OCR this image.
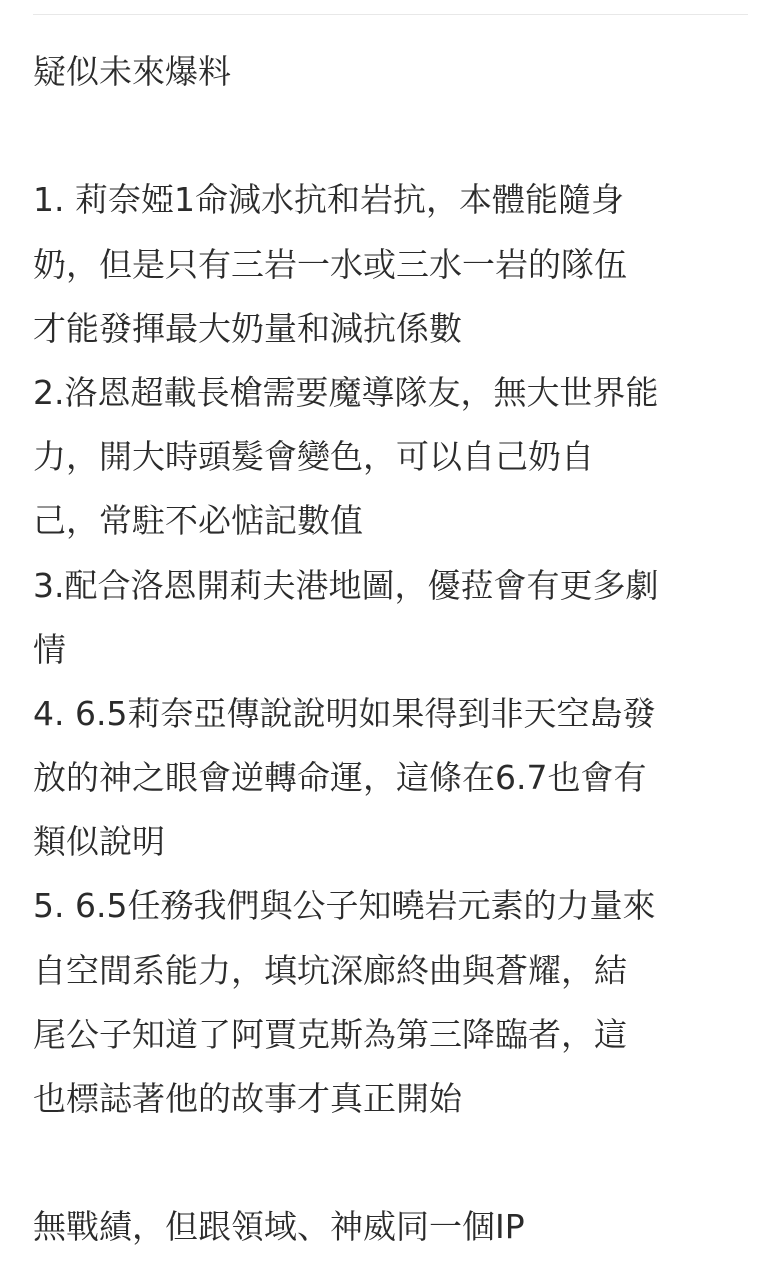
疑似未來爆料
1. 莉奈婭1命減水抗和岩抗，本體能隨身
奶，但是只有三岩一水或三水一岩的隊伍
才能發揮最大奶量和減抗係數
2.洛恩超載長槍需要魔導隊友，無大世界能
力，開大時頭髮會變色，可以自己奶自
己，常駐不必惦記數值
3.配合洛恩開莉夫港地圖，優菈會有更多劇
情
4. 6.5莉奈亞傳說說明如果得到非天空島發
放的神之眼會逆轉命運，這條在6.7也會有
類似說明
5. 6.5任務我們與公子知曉岩元素的力量來
自空間系能力，填坑深廊終曲與蒼耀，結
尾公子知道了阿賈克斯為第三降臨者，這
也標誌著他的故事才真正開始
無戰績，但跟領域、神威同一個IP
